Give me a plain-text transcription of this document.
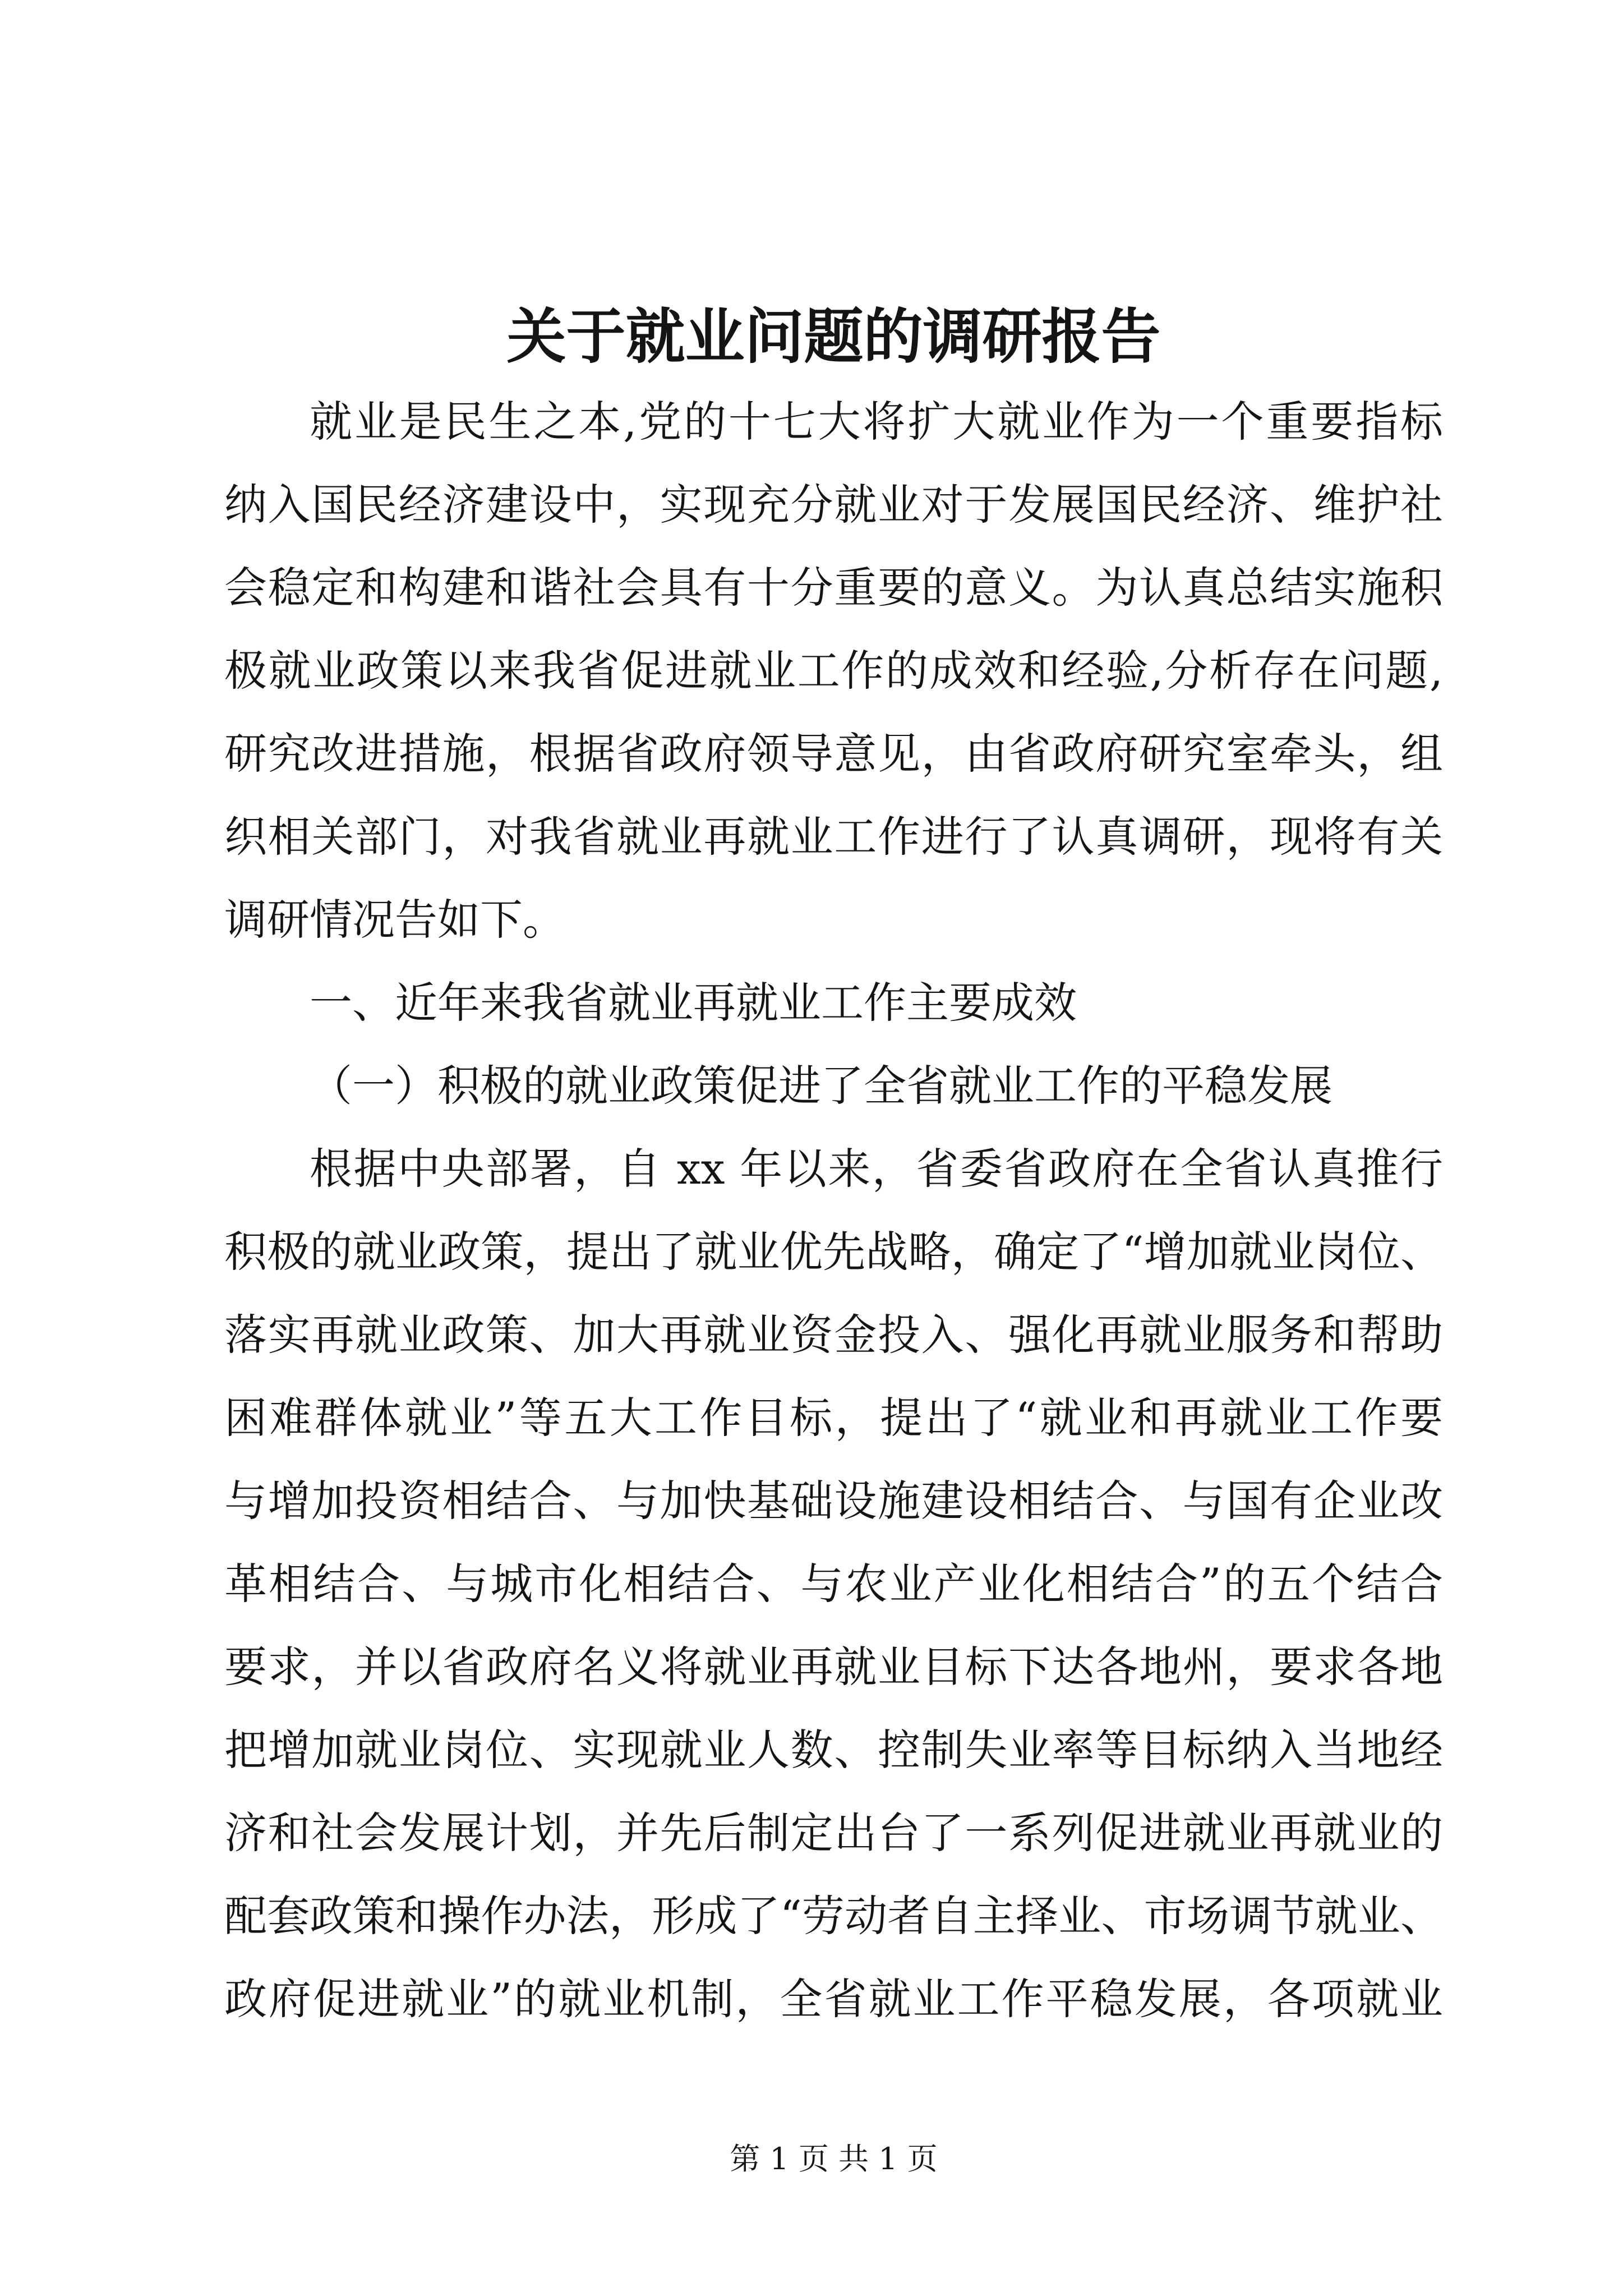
关于就业问题的调研报告
就业是民生之本,党的十七大将扩大就业作为一个重要指标
纳入国民经济建设中，实现充分就业对于发展国民经济、维护社
会稳定和构建和谐社会具有十分重要的意义。为认真总结实施积
极就业政策以来我省促进就业工作的成效和经验,分析存在问题,
研究改进措施，根据省政府领导意见，由省政府研究室牵头，组
织相关部门，对我省就业再就业工作进行了认真调研，现将有关
调研情况告如下。
一、近年来我省就业再就业工作主要成效
（一）积极的就业政策促进了全省就业工作的平稳发展
根据中央部署，自 xx 年以来，省委省政府在全省认真推行
积极的就业政策，提出了就业优先战略，确定了“增加就业岗位、
落实再就业政策、加大再就业资金投入、强化再就业服务和帮助
困难群体就业”等五大工作目标，提出了“就业和再就业工作要
与增加投资相结合、与加快基础设施建设相结合、与国有企业改
革相结合、与城市化相结合、与农业产业化相结合”的五个结合
要求，并以省政府名义将就业再就业目标下达各地州，要求各地
把增加就业岗位、实现就业人数、控制失业率等目标纳入当地经
济和社会发展计划，并先后制定出台了一系列促进就业再就业的
配套政策和操作办法，形成了“劳动者自主择业、市场调节就业、
政府促进就业”的就业机制，全省就业工作平稳发展，各项就业
第 1 页 共 1 页
